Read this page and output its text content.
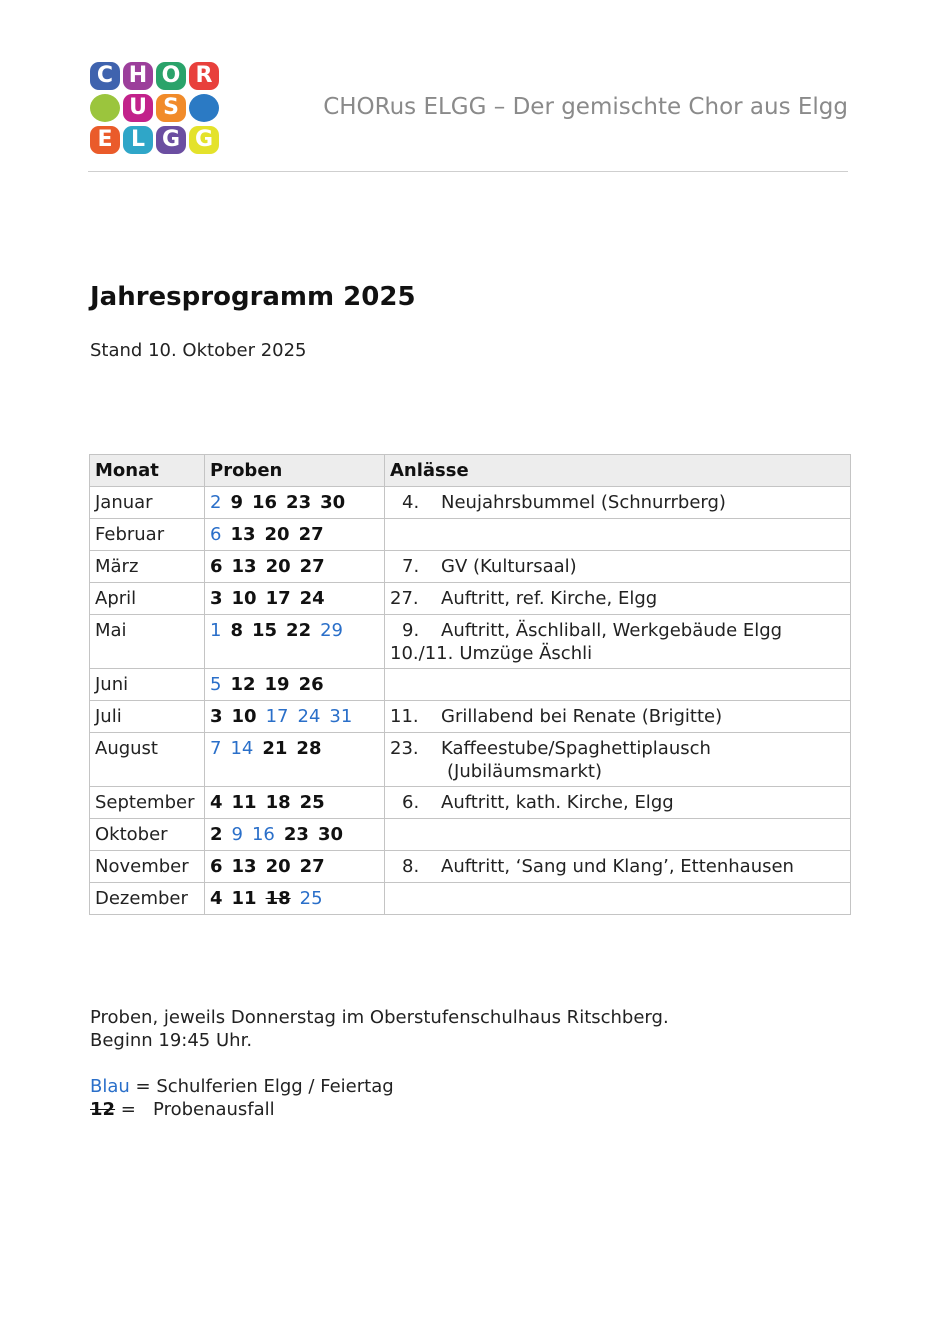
C H O R
U S
E L G G
CHORus ELGG – Der gemischte Chor aus Elgg
Jahresprogramm 2025
Stand 10. Oktober 2025
Monat	Proben	Anlässe
Januar	2 9 16 23 30	4. Neujahrsbummel (Schnurrberg)

Februar	6 13 20 27	
März	6 13 20 27	7. GV (Kultursaal)

April	3 10 17 24	27. Auftritt, ref. Kirche, Elgg

Mai	1 8 15 22 29	9. Auftritt, Äschliball, Werkgebäude Elgg
10./11. Umzüge Äschli

Juni	5 12 19 26	
Juli	3 10 17 24 31	11. Grillabend bei Renate (Brigitte)

August	7 14 21 28	23. Kaffeestube/Spaghettiplausch
(Jubiläumsmarkt)

September	4 11 18 25	6. Auftritt, kath. Kirche, Elgg

Oktober	2 9 16 23 30	
November	6 13 20 27	8. Auftritt, ‘Sang und Klang’, Ettenhausen

Dezember	4 11 18 25	

Proben, jeweils Donnerstag im Oberstufenschulhaus Ritschberg.

Beginn 19:45 Uhr.

Blau = Schulferien Elgg / Feiertag

12 =   Probenausfall
